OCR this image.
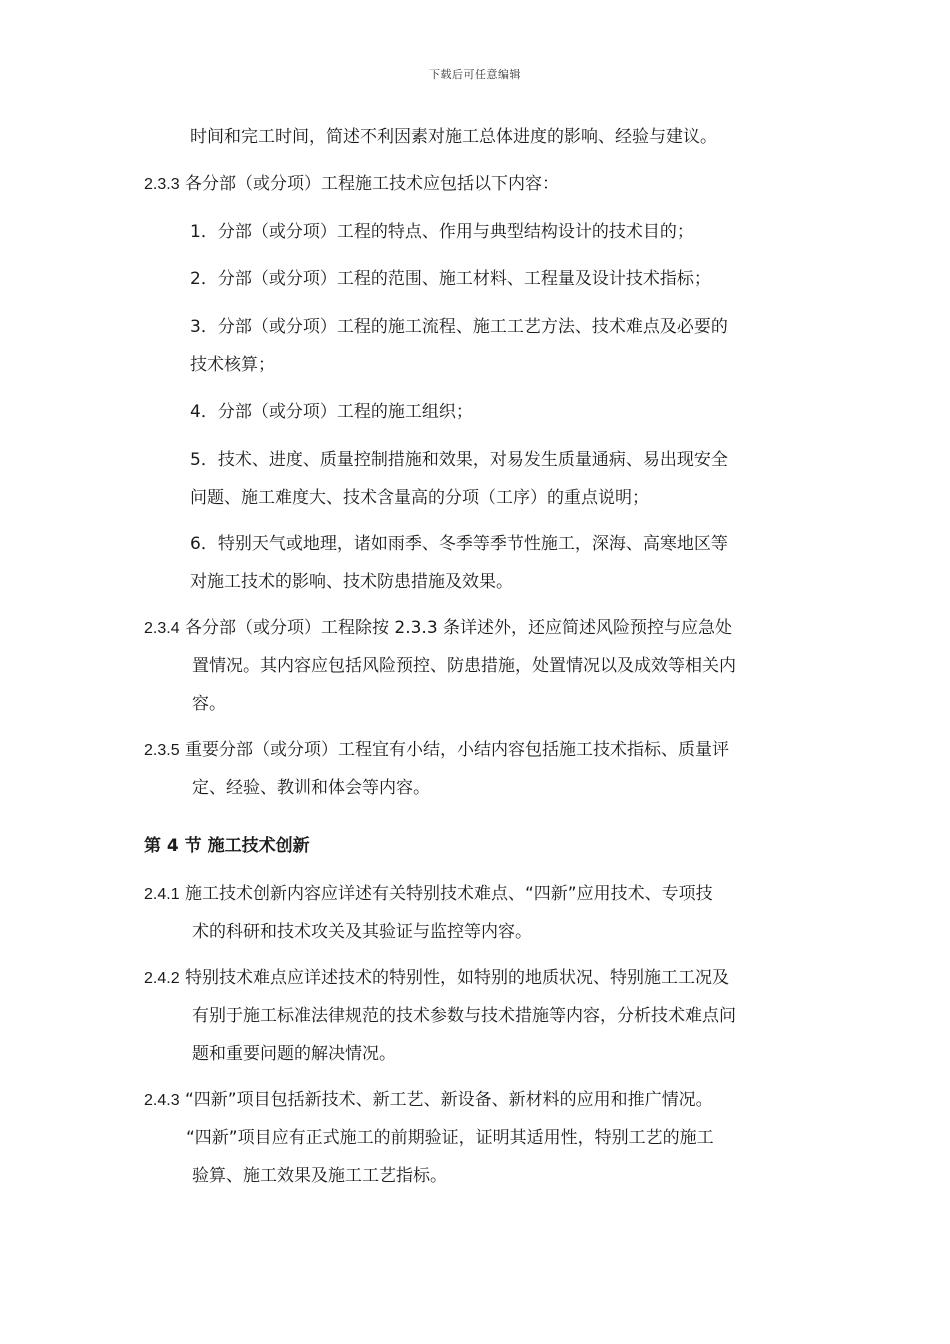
下载后可任意编辑
时间和完工时间，简述不利因素对施工总体进度的影响、经验与建议。
2.3.3 各分部（或分项）工程施工技术应包括以下内容：
1．分部（或分项）工程的特点、作用与典型结构设计的技术目的；
2．分部（或分项）工程的范围、施工材料、工程量及设计技术指标；
3．分部（或分项）工程的施工流程、施工工艺方法、技术难点及必要的
技术核算；
4．分部（或分项）工程的施工组织；
5．技术、进度、质量控制措施和效果，对易发生质量通病、易出现安全
问题、施工难度大、技术含量高的分项（工序）的重点说明；
6．特别天气或地理，诸如雨季、冬季等季节性施工，深海、高寒地区等
对施工技术的影响、技术防患措施及效果。
2.3.4 各分部（或分项）工程除按 2.3.3 条详述外，还应简述风险预控与应急处
置情况。其内容应包括风险预控、防患措施，处置情况以及成效等相关内
容。
2.3.5 重要分部（或分项）工程宜有小结，小结内容包括施工技术指标、质量评
定、经验、教训和体会等内容。
第 4 节 施工技术创新
2.4.1 施工技术创新内容应详述有关特别技术难点、“四新”应用技术、专项技
术的科研和技术攻关及其验证与监控等内容。
2.4.2 特别技术难点应详述技术的特别性，如特别的地质状况、特别施工工况及
有别于施工标准法律规范的技术参数与技术措施等内容，分析技术难点问
题和重要问题的解决情况。
2.4.3 “四新”项目包括新技术、新工艺、新设备、新材料的应用和推广情况。
“四新”项目应有正式施工的前期验证，证明其适用性，特别工艺的施工
验算、施工效果及施工工艺指标。
